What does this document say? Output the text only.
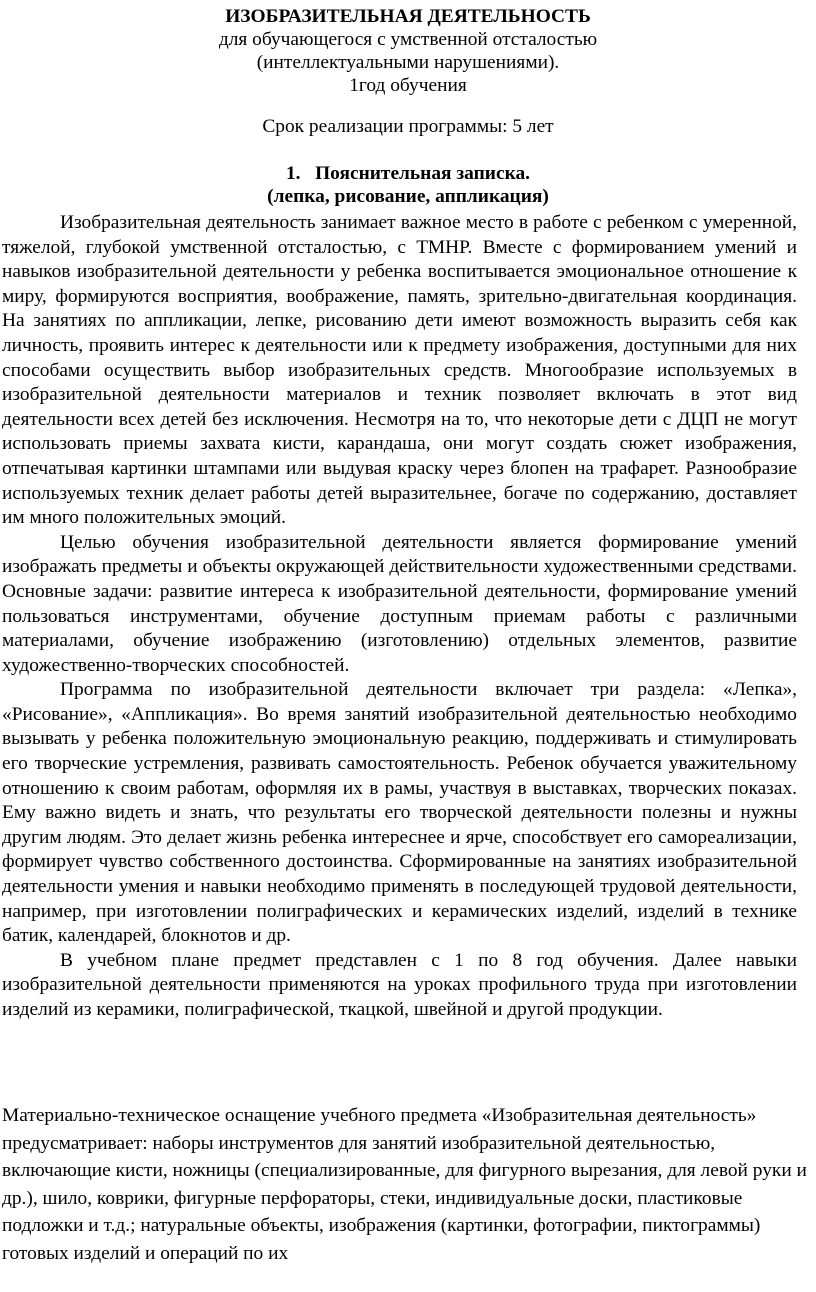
ИЗОБРАЗИТЕЛЬНАЯ ДЕЯТЕЛЬНОСТЬ
для обучающегося с умственной отсталостью
(интеллектуальными нарушениями).
1год обучения
Срок реализации программы: 5 лет
1.   Пояснительная записка.
(лепка, рисование, аппликация)

Изобразительная деятельность занимает важное место в работе с ребенком с умеренной, тяжелой, глубокой умственной отсталостью, с ТМНР. Вместе с формированием умений и навыков изобразительной деятельности у ребенка воспитывается эмоциональное отношение к миру, формируются восприятия, воображение, память, зрительно-двигательная координация. На занятиях по аппликации, лепке, рисованию дети имеют возможность выразить себя как личность, проявить интерес к деятельности или к предмету изображения, доступными для них способами осуществить выбор изобразительных средств. Многообразие используемых в изобразительной деятельности материалов и техник позволяет включать в этот вид деятельности всех детей без исключения. Несмотря на то, что некоторые дети с ДЦП не могут использовать приемы захвата кисти, карандаша, они могут создать сюжет изображения, отпечатывая картинки штампами или выдувая краску через блопен на трафарет. Разнообразие используемых техник делает работы детей выразительнее, богаче по содержанию, доставляет им много положительных эмоций.

Целью обучения изобразительной деятельности является формирование умений изображать предметы и объекты окружающей действительности художественными средствами. Основные задачи: развитие интереса к изобразительной деятельности, формирование умений пользоваться инструментами, обучение доступным приемам работы с различными материалами, обучение изображению (изготовлению) отдельных элементов, развитие художественно-творческих способностей.

Программа по изобразительной деятельности включает три раздела: «Лепка», «Рисование», «Аппликация». Во время занятий изобразительной деятельностью необходимо вызывать у ребенка положительную эмоциональную реакцию, поддерживать и стимулировать его творческие устремления, развивать самостоятельность. Ребенок обучается уважительному отношению к своим работам, оформляя их в рамы, участвуя в выставках, творческих показах. Ему важно видеть и знать, что результаты его творческой деятельности полезны и нужны другим людям. Это делает жизнь ребенка интереснее и ярче, способствует его самореализации, формирует чувство собственного достоинства. Сформированные на занятиях изобразительной деятельности умения и навыки необходимо применять в последующей трудовой деятельности, например, при изготовлении полиграфических и керамических изделий, изделий в технике батик, календарей, блокнотов и др.

В учебном плане предмет представлен с 1 по 8 год обучения. Далее навыки изобразительной деятельности применяются на уроках профильного труда при изготовлении изделий из керамики, полиграфической, ткацкой, швейной и другой продукции.

Материально-техническое оснащение учебного предмета «Изобразительная деятельность» предусматривает: наборы инструментов для занятий изобразительной деятельностью, включающие кисти, ножницы (специализированные, для фигурного вырезания, для левой руки и др.), шило, коврики, фигурные перфораторы, стеки, индивидуальные доски, пластиковые подложки и т.д.; натуральные объекты, изображения (картинки, фотографии, пиктограммы) готовых изделий и операций по их
